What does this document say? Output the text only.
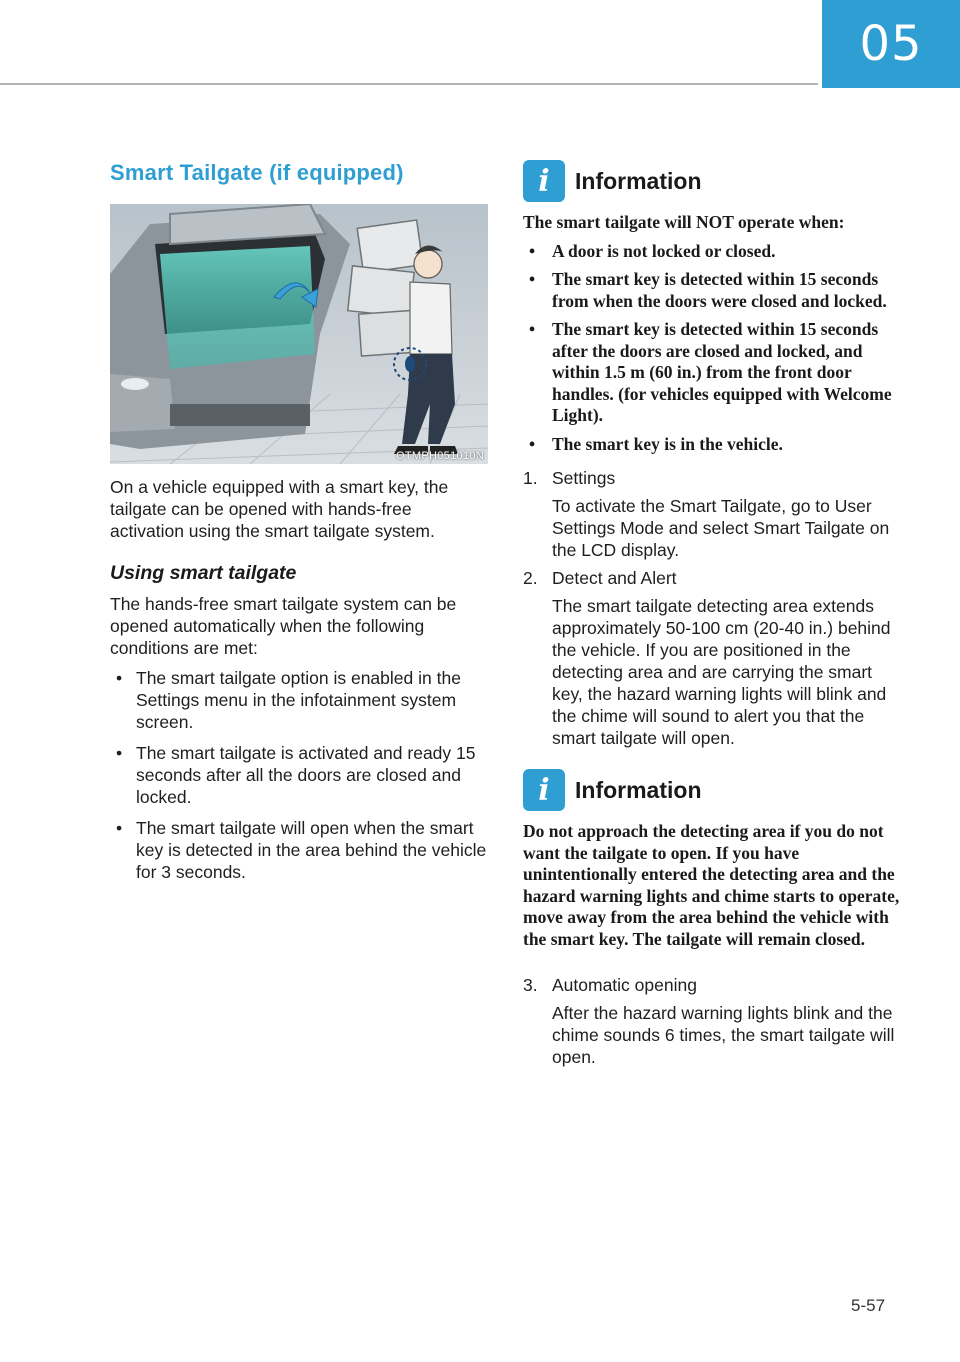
05
Smart Tailgate (if equipped)
OTMPH051010N

On a vehicle equipped with a smart key, the tailgate can be opened with hands-free activation using the smart tailgate system.

Using smart tailgate

The hands-free smart tailgate system can be opened automatically when the following conditions are met:

• The smart tailgate option is enabled in the Settings menu in the infotainment system screen.
• The smart tailgate is activated and ready 15 seconds after all the doors are closed and locked.
• The smart tailgate will open when the smart key is detected in the area behind the vehicle for 3 seconds.
i	Information

The smart tailgate will NOT operate when:

• A door is not locked or closed.
• The smart key is detected within 15 seconds from when the doors were closed and locked.
• The smart key is detected within 15 seconds after the doors are closed and locked, and within 1.5 m (60 in.) from the front door handles. (for vehicles equipped with Welcome Light).
• The smart key is in the vehicle.
1. Settings
To activate the Smart Tailgate, go to User Settings Mode and select Smart Tailgate on the LCD display.
2. Detect and Alert
The smart tailgate detecting area extends approximately 50-100 cm (20-40 in.) behind the vehicle. If you are positioned in the detecting area and are carrying the smart key, the hazard warning lights will blink and the chime will sound to alert you that the smart tailgate will open.
i	Information

Do not approach the detecting area if you do not want the tailgate to open. If you have unintentionally entered the detecting area and the hazard warning lights and chime starts to operate, move away from the area behind the vehicle with the smart key. The tailgate will remain closed.

3. Automatic opening
After the hazard warning lights blink and the chime sounds 6 times, the smart tailgate will open.
5-57
